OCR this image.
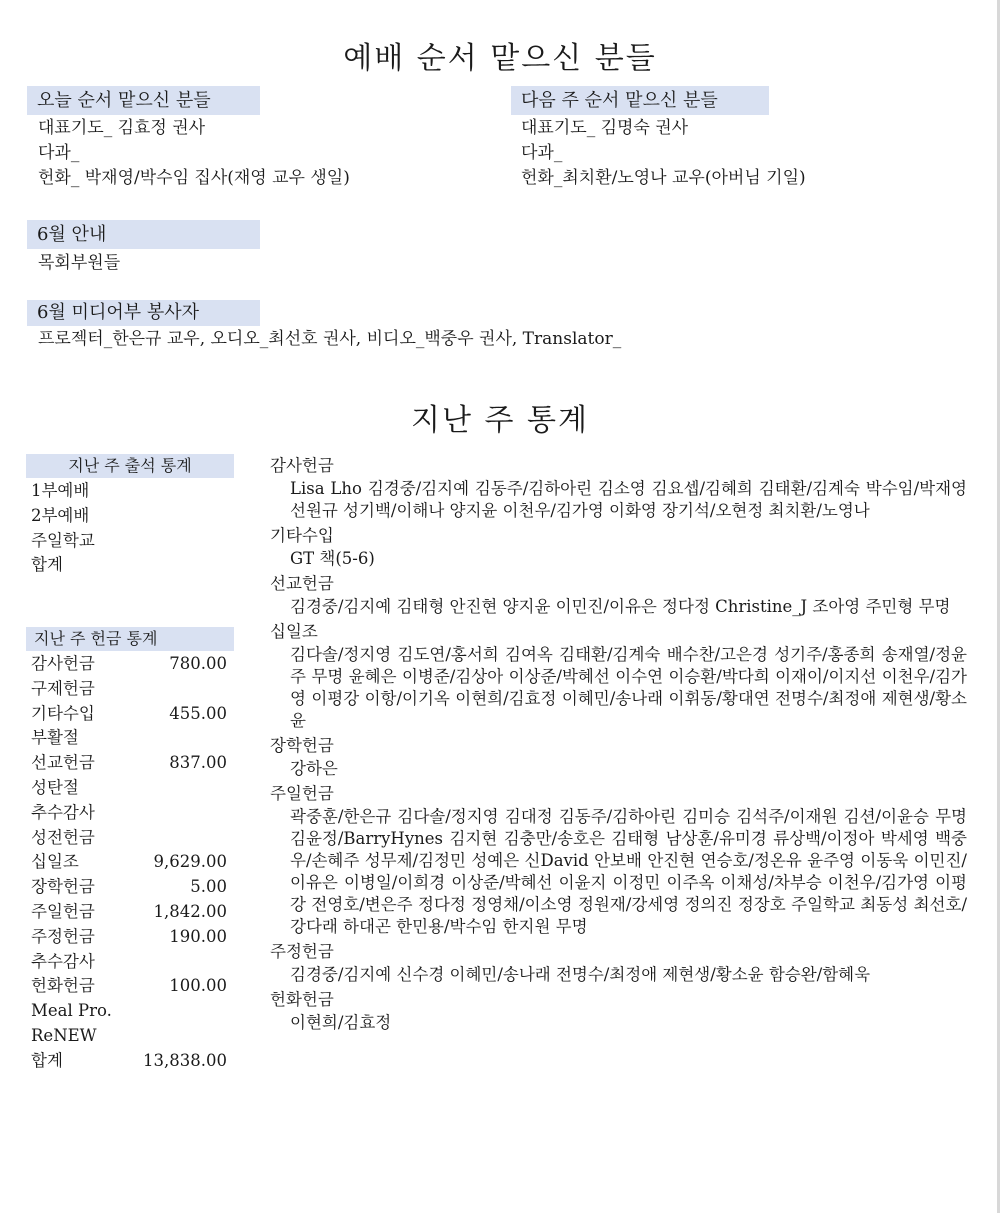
예배 순서 맡으신 분들
오늘 순서 맡으신 분들
대표기도_ 김효정 권사
다과_
헌화_ 박재영/박수임 집사(재영 교우 생일)
다음 주 순서 맡으신 분들
대표기도_ 김명숙 권사
다과_
헌화_최치환/노영나 교우(아버님 기일)
6월 안내
목회부원들
6월 미디어부 봉사자
프로젝터_한은규 교우, 오디오_최선호 권사, 비디오_백중우 권사, Translator_
지난 주 통계
지난 주 출석 통계
1부예배
2부예배
주일학교
합계
지난 주 헌금 통계
감사헌금	780.00
구제헌금
기타수입	455.00
부활절
선교헌금	837.00
성탄절
추수감사
성전헌금
십일조	9,629.00
장학헌금	5.00
주일헌금	1,842.00
주정헌금	190.00
추수감사
헌화헌금	100.00
Meal Pro.
ReNEW
합계	13,838.00
감사헌금
Lisa Lho 김경중/김지예 김동주/김하아린 김소영 김요셉/김혜희 김태환/김계숙 박수임/박재영 선원규 성기백/이해나 양지윤 이천우/김가영 이화영 장기석/오현정 최치환/노영나
기타수입
GT 책(5-6)
선교헌금
김경중/김지예 김태형 안진현 양지윤 이민진/이유은 정다정 Christine_J 조아영 주민형 무명
십일조
김다솔/정지영 김도연/홍서희 김여옥 김태환/김계숙 배수찬/고은경 성기주/홍종희 송재열/정윤주 무명 윤혜은 이병준/김상아 이상준/박혜선 이수연 이승환/박다희 이재이/이지선 이천우/김가영 이평강 이항/이기옥 이현희/김효정 이혜민/송나래 이휘동/황대연 전명수/최정애 제현생/황소윤
장학헌금
강하은
주일헌금
곽중훈/한은규 김다솔/정지영 김대정 김동주/김하아린 김미승 김석주/이재원 김션/이윤승 무명 김윤정/BarryHynes 김지현 김충만/송호은 김태형 남상훈/유미경 류상백/이정아 박세영 백중우/손혜주 성무제/김정민 성예은 신David 안보배 안진현 연승호/정온유 윤주영 이동욱 이민진/이유은 이병일/이희경 이상준/박혜선 이윤지 이정민 이주옥 이채성/차부승 이천우/김가영 이평강 전영호/변은주 정다정 정영채/이소영 정원재/강세영 정의진 정장호 주일학교 최동성 최선호/강다래 하대곤 한민용/박수임 한지원 무명
주정헌금
김경중/김지예 신수경 이혜민/송나래 전명수/최정애 제현생/황소윤 함승완/함혜욱
헌화헌금
이현희/김효정
